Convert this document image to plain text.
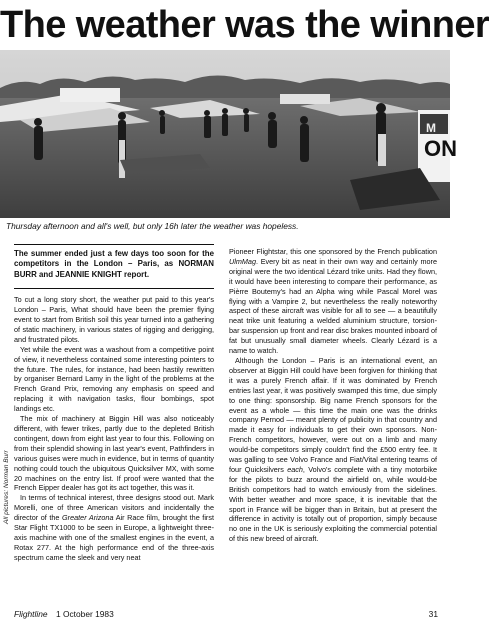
The weather was the winner
ON
M
Thursday afternoon and all's well, but only 16h later the weather was hopeless.
All pictures: Norman Burr
The summer ended just a few days too soon for the competitors in the London – Paris, as NORMAN BURR and JEANNIE KNIGHT report.

To cut a long story short, the weather put paid to this year's London – Paris, What should have been the premier flying event to start from British soil this year turned into a gathering of static machinery, in various states of rigging and derigging, and frustrated pilots.

Yet while the event was a washout from a competitive point of view, it nevertheless contained some interesting pointers to the future. The rules, for instance, had been hastily rewritten by organiser Bernard Lamy in the light of the problems at the French Grand Prix, removing any emphasis on speed and replacing it with navigation tasks, flour bombings, spot landings etc.

The mix of machinery at Biggin Hill was also noticeably different, with fewer trikes, partly due to the depleted British contingent, down from eight last year to four this. Following on from their splendid showing in last year's event, Pathfinders in various guises were much in evidence, but in terms of quantity nothing could touch the ubiquitous Quicksilver MX, with some 20 machines on the entry list. If proof were wanted that the French Eipper dealer has got its act together, this was it.

In terms of technical interest, three designs stood out. Mark Morelli, one of three American visitors and incidentally the director of the Greater Arizona Air Race film, brought the first Star Flight TX1000 to be seen in Europe, a lightweight three-axis machine with one of the smallest engines in the event, a Rotax 277. At the high performance end of the three-axis spectrum came the sleek and very neat

Pioneer Flightstar, this one sponsored by the French publication UlmMag. Every bit as neat in their own way and certainly more original were the two identical Lézard trike units. Had they flown, it would have been interesting to compare their performance, as Pièrre Boutemy's had an Alpha wing while Pascal Morel was flying with a Vampire 2, but nevertheless the really noteworthy aspect of these aircraft was visible for all to see — a beautifully neat trike unit featuring a welded aluminium structure, torsion-bar suspension up front and rear disc brakes mounted inboard of fat but unusually small diameter wheels. Clearly Lézard is a name to watch.

Although the London – Paris is an international event, an observer at Biggin Hill could have been forgiven for thinking that it was a purely French affair. If it was dominated by French entries last year, it was positively swamped this time, due simply to one thing: sponsorship. Big name French sponsors for the event as a whole — this time the main one was the drinks company Pernod — meant plenty of publicity in that country and made it easy for individuals to get their own sponsors. Non-French competitors, however, were out on a limb and many would-be competitors simply couldn't find the £500 entry fee. It was galling to see Volvo France and Fiat/Vital entering teams of four Quicksilvers each, Volvo's complete with a tiny motorbike for the pilots to buzz around the airfield on, while would-be British competitors had to watch enviously from the sidelines. With better weather and more space, it is inevitable that the sport in France will be bigger than in Britain, but at present the difference in activity is totally out of proportion, simply because no one in the UK is seriously exploiting the commercial potential of this new breed of aircraft.

Flightline 1 October 1983	31
